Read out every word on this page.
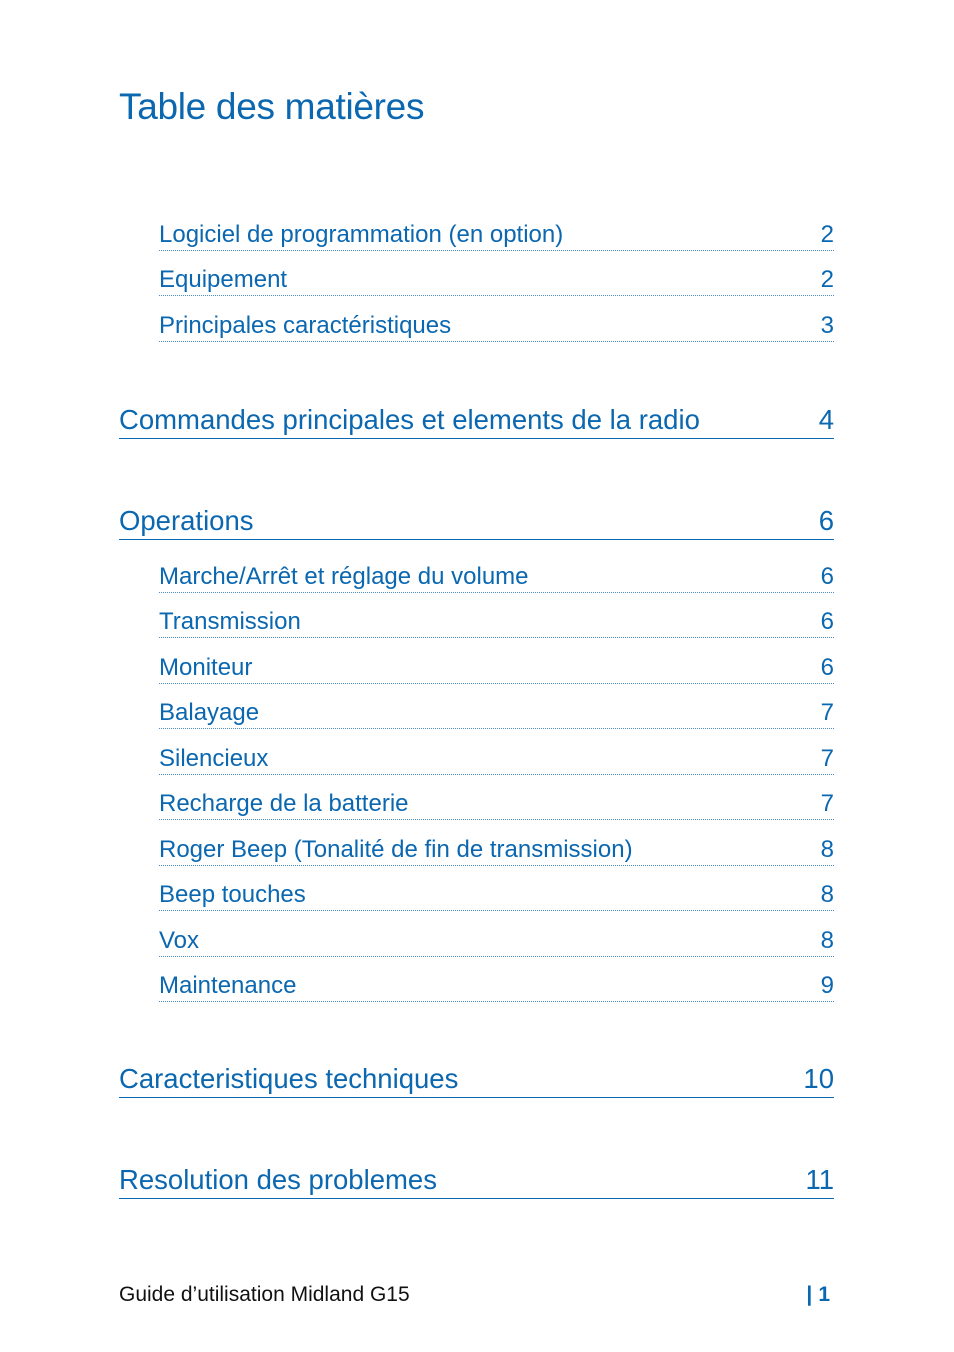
Table des matières
Logiciel de programmation (en option)	2
Equipement	2
Principales caractéristiques	3
Commandes principales et elements de la radio	4
Operations	6
Marche/Arrêt et réglage du volume	6
Transmission	6
Moniteur	6
Balayage	7
Silencieux	7
Recharge de la batterie	7
Roger Beep (Tonalité de fin de transmission)	8
Beep touches	8
Vox	8
Maintenance	9
Caracteristiques techniques	10
Resolution des problemes	11
Guide d’utilisation Midland G15	| 1
